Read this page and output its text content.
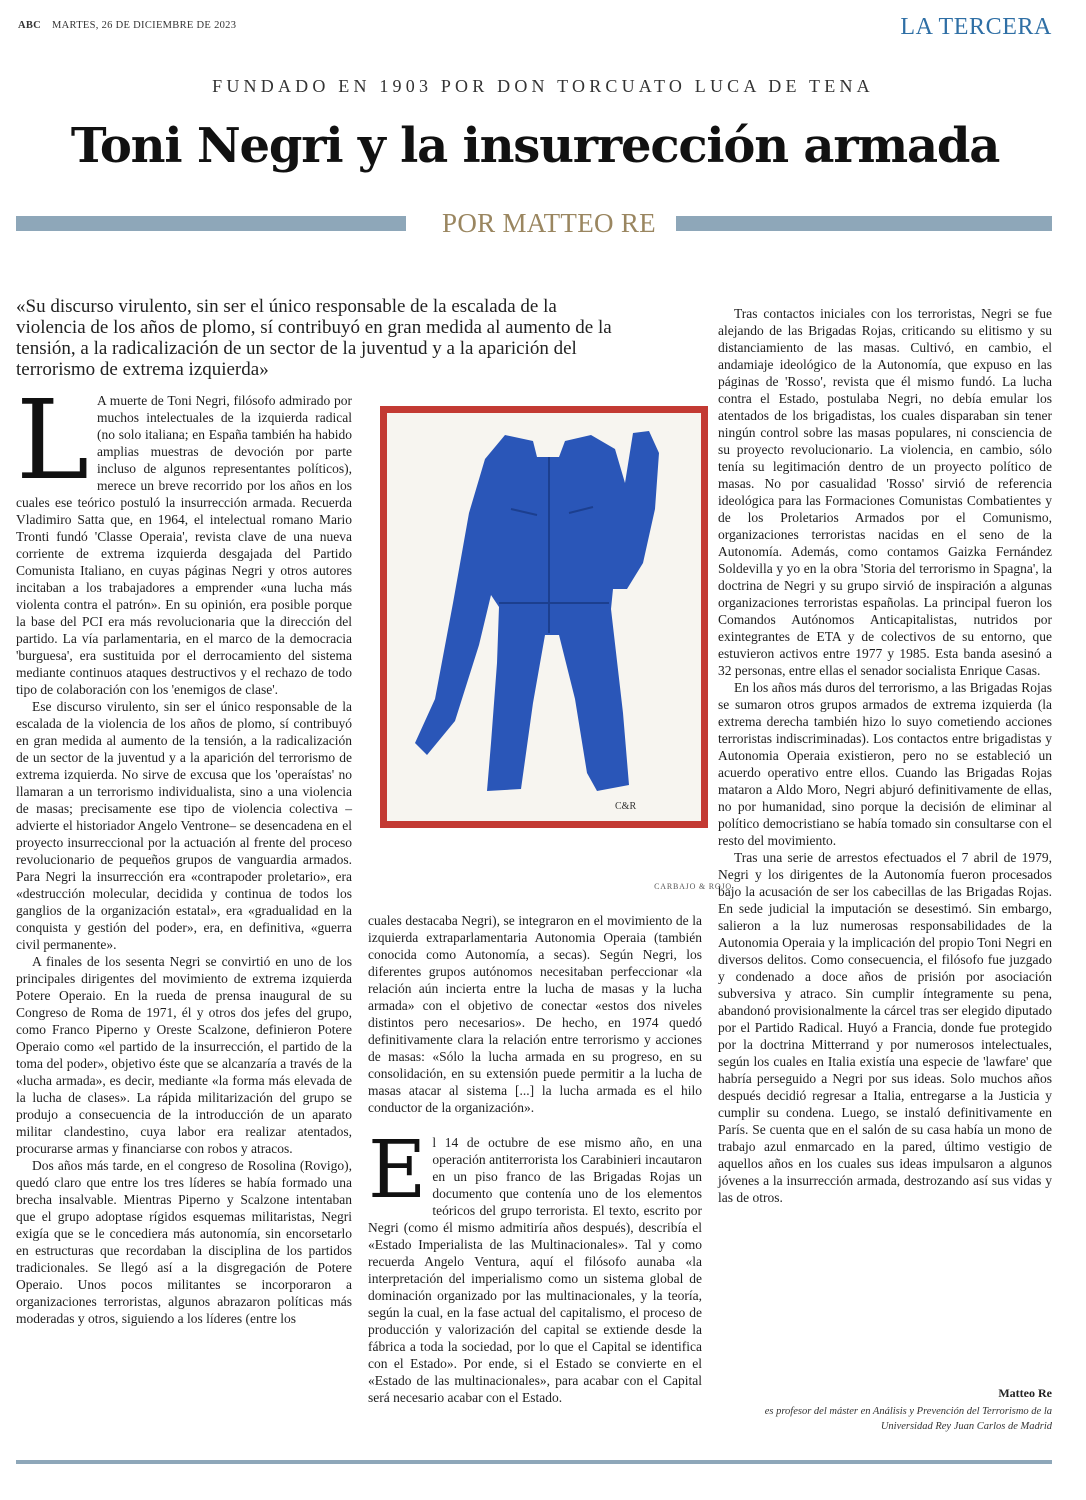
ABC MARTES, 26 DE DICIEMBRE DE 2023	LA TERCERA
FUNDADO EN 1903 POR DON TORCUATO LUCA DE TENA
Toni Negri y la insurrección armada
POR MATTEO RE
«Su discurso virulento, sin ser el único responsable de la escalada de la violencia de los años de plomo, sí contribuyó en gran medida al aumento de la tensión, a la radicalización de un sector de la juventud y a la aparición del terrorismo de extrema izquierda»

L A muerte de Toni Negri, filósofo admirado por muchos intelectuales de la izquierda radical (no solo italiana; en España también ha habido amplias muestras de devoción por parte incluso de algunos representantes políticos), merece un breve recorrido por los años en los cuales ese teórico postuló la insurrección armada. Recuerda Vladimiro Satta que, en 1964, el intelectual romano Mario Tronti fundó 'Classe Operaia', revista clave de una nueva corriente de extrema izquierda desgajada del Partido Comunista Italiano, en cuyas páginas Negri y otros autores incitaban a los trabajadores a emprender «una lucha más violenta contra el patrón». En su opinión, era posible porque la base del PCI era más revolucionaria que la dirección del partido. La vía parlamentaria, en el marco de la democracia 'burguesa', era sustituida por el derrocamiento del sistema mediante continuos ataques destructivos y el rechazo de todo tipo de colaboración con los 'enemigos de clase'.

Ese discurso virulento, sin ser el único responsable de la escalada de la violencia de los años de plomo, sí contribuyó en gran medida al aumento de la tensión, a la radicalización de un sector de la juventud y a la aparición del terrorismo de extrema izquierda. No sirve de excusa que los 'operaístas' no llamaran a un terrorismo individualista, sino a una violencia de masas; precisamente ese tipo de violencia colectiva –advierte el historiador Angelo Ventrone– se desencadena en el proyecto insurreccional por la actuación al frente del proceso revolucionario de pequeños grupos de vanguardia armados. Para Negri la insurrección era «contrapoder proletario», era «destrucción molecular, decidida y continua de todos los ganglios de la organización estatal», era «gradualidad en la conquista y gestión del poder», era, en definitiva, «guerra civil permanente».

A finales de los sesenta Negri se convirtió en uno de los principales dirigentes del movimiento de extrema izquierda Potere Operaio. En la rueda de prensa inaugural de su Congreso de Roma de 1971, él y otros dos jefes del grupo, como Franco Piperno y Oreste Scalzone, definieron Potere Operaio como «el partido de la insurrección, el partido de la toma del poder», objetivo éste que se alcanzaría a través de la «lucha armada», es decir, mediante «la forma más elevada de la lucha de clases». La rápida militarización del grupo se produjo a consecuencia de la introducción de un aparato militar clandestino, cuya labor era realizar atentados, procurarse armas y financiarse con robos y atracos.

Dos años más tarde, en el congreso de Rosolina (Rovigo), quedó claro que entre los tres líderes se había formado una brecha insalvable. Mientras Piperno y Scalzone intentaban que el grupo adoptase rígidos esquemas militaristas, Negri exigía que se le concediera más autonomía, sin encorsetarlo en estructuras que recordaban la disciplina de los partidos tradicionales. Se llegó así a la disgregación de Potere Operaio. Unos pocos militantes se incorporaron a organizaciones terroristas, algunos abrazaron políticas más moderadas y otros, siguiendo a los líderes (entre los

C&R
CARBAJO & ROJO

cuales destacaba Negri), se integraron en el movimiento de la izquierda extraparlamentaria Autonomia Operaia (también conocida como Autonomía, a secas). Según Negri, los diferentes grupos autónomos necesitaban perfeccionar «la relación aún incierta entre la lucha de masas y la lucha armada» con el objetivo de conectar «estos dos niveles distintos pero necesarios». De hecho, en 1974 quedó definitivamente clara la relación entre terrorismo y acciones de masas: «Sólo la lucha armada en su progreso, en su consolidación, en su extensión puede permitir a la lucha de masas atacar al sistema [...] la lucha armada es el hilo conductor de la organización».

E l 14 de octubre de ese mismo año, en una operación antiterrorista los Carabinieri incautaron en un piso franco de las Brigadas Rojas un documento que contenía uno de los elementos teóricos del grupo terrorista. El texto, escrito por Negri (como él mismo admitiría años después), describía el «Estado Imperialista de las Multinacionales». Tal y como recuerda Angelo Ventura, aquí el filósofo aunaba «la interpretación del imperialismo como un sistema global de dominación organizado por las multinacionales, y la teoría, según la cual, en la fase actual del capitalismo, el proceso de producción y valorización del capital se extiende desde la fábrica a toda la sociedad, por lo que el Capital se identifica con el Estado». Por ende, si el Estado se convierte en el «Estado de las multinacionales», para acabar con el Capital será necesario acabar con el Estado.

Tras contactos iniciales con los terroristas, Negri se fue alejando de las Brigadas Rojas, criticando su elitismo y su distanciamiento de las masas. Cultivó, en cambio, el andamiaje ideológico de la Autonomía, que expuso en las páginas de 'Rosso', revista que él mismo fundó. La lucha contra el Estado, postulaba Negri, no debía emular los atentados de los brigadistas, los cuales disparaban sin tener ningún control sobre las masas populares, ni consciencia de su proyecto revolucionario. La violencia, en cambio, sólo tenía su legitimación dentro de un proyecto político de masas. No por casualidad 'Rosso' sirvió de referencia ideológica para las Formaciones Comunistas Combatientes y de los Proletarios Armados por el Comunismo, organizaciones terroristas nacidas en el seno de la Autonomía. Además, como contamos Gaizka Fernández Soldevilla y yo en la obra 'Storia del terrorismo in Spagna', la doctrina de Negri y su grupo sirvió de inspiración a algunas organizaciones terroristas españolas. La principal fueron los Comandos Autónomos Anticapitalistas, nutridos por exintegrantes de ETA y de colectivos de su entorno, que estuvieron activos entre 1977 y 1985. Esta banda asesinó a 32 personas, entre ellas el senador socialista Enrique Casas.

En los años más duros del terrorismo, a las Brigadas Rojas se sumaron otros grupos armados de extrema izquierda (la extrema derecha también hizo lo suyo cometiendo acciones terroristas indiscriminadas). Los contactos entre brigadistas y Autonomia Operaia existieron, pero no se estableció un acuerdo operativo entre ellos. Cuando las Brigadas Rojas mataron a Aldo Moro, Negri abjuró definitivamente de ellas, no por humanidad, sino porque la decisión de eliminar al político democristiano se había tomado sin consultarse con el resto del movimiento.

Tras una serie de arrestos efectuados el 7 abril de 1979, Negri y los dirigentes de la Autonomía fueron procesados bajo la acusación de ser los cabecillas de las Brigadas Rojas. En sede judicial la imputación se desestimó. Sin embargo, salieron a la luz numerosas responsabilidades de la Autonomia Operaia y la implicación del propio Toni Negri en diversos delitos. Como consecuencia, el filósofo fue juzgado y condenado a doce años de prisión por asociación subversiva y atraco. Sin cumplir íntegramente su pena, abandonó provisionalmente la cárcel tras ser elegido diputado por el Partido Radical. Huyó a Francia, donde fue protegido por la doctrina Mitterrand y por numerosos intelectuales, según los cuales en Italia existía una especie de 'lawfare' que habría perseguido a Negri por sus ideas. Solo muchos años después decidió regresar a Italia, entregarse a la Justicia y cumplir su condena. Luego, se instaló definitivamente en París. Se cuenta que en el salón de su casa había un mono de trabajo azul enmarcado en la pared, último vestigio de aquellos años en los cuales sus ideas impulsaron a algunos jóvenes a la insurrección armada, destrozando así sus vidas y las de otros.

Matteo Re
es profesor del máster en Análisis y Prevención del Terrorismo de la Universidad Rey Juan Carlos de Madrid
